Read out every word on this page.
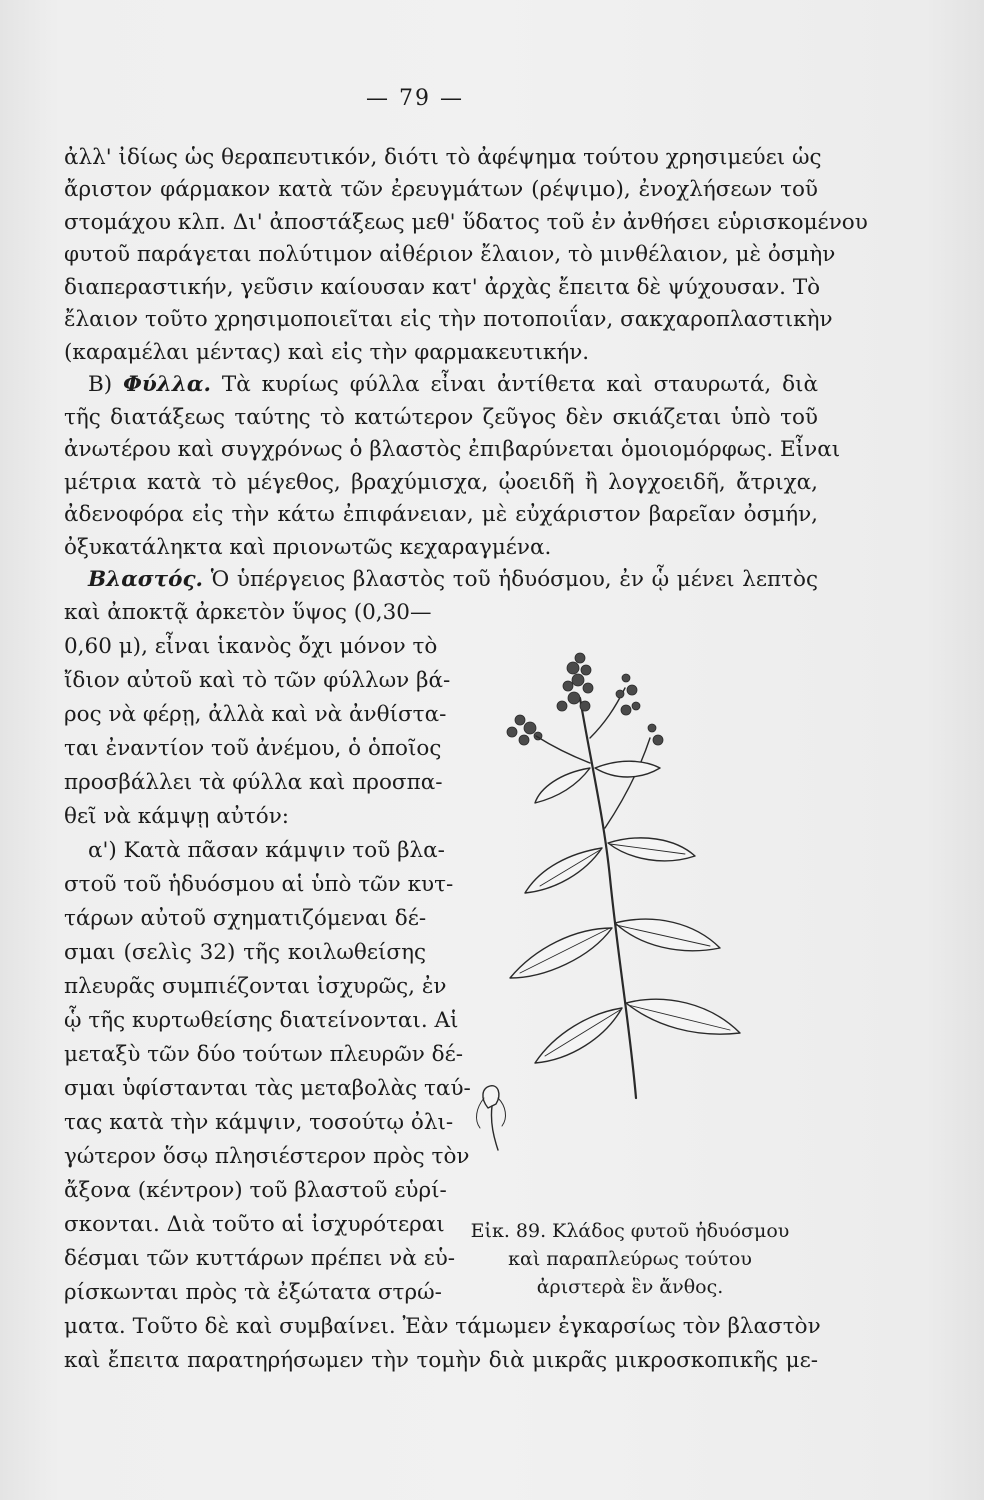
— 79 —
ἀλλ' ἰδίως ὡς θεραπευτικόν, διότι τὸ ἀφέψημα τούτου χρησιμεύει ὡς
ἄριστον φάρμακον κατὰ τῶν ἐρευγμάτων (ρέψιμο), ἐνοχλήσεων τοῦ
στομάχου κλπ. Δι' ἀποστάξεως μεθ' ὕδατος τοῦ ἐν ἀνθήσει εὑρισκομένου
φυτοῦ παράγεται πολύτιμον αἰθέριον ἔλαιον, τὸ μινθέλαιον, μὲ ὀσμὴν
διαπεραστικήν, γεῦσιν καίουσαν κατ' ἀρχὰς ἔπειτα δὲ ψύχουσαν. Τὸ
ἔλαιον τοῦτο χρησιμοποιεῖται εἰς τὴν ποτοποιΐαν, σακχαροπλαστικὴν
(καραμέλαι μέντας) καὶ εἰς τὴν φαρμακευτικήν.
Β) Φύλλα. Τὰ κυρίως φύλλα εἶναι ἀντίθετα καὶ σταυρωτά, διὰ
τῆς διατάξεως ταύτης τὸ κατώτερον ζεῦγος δὲν σκιάζεται ὑπὸ τοῦ
ἀνωτέρου καὶ συγχρόνως ὁ βλαστὸς ἐπιβαρύνεται ὁμοιομόρφως. Εἶναι
μέτρια κατὰ τὸ μέγεθος, βραχύμισχα, ᾠοειδῆ ἢ λογχοειδῆ, ἄτριχα,
ἀδενοφόρα εἰς τὴν κάτω ἐπιφάνειαν, μὲ εὐχάριστον βαρεῖαν ὀσμήν,
ὀξυκατάληκτα καὶ πριονωτῶς κεχαραγμένα.
Βλαστός. Ὁ ὑπέργειος βλαστὸς τοῦ ἡδυόσμου, ἐν ᾧ μένει λεπτὸς
καὶ ἀποκτᾷ ἀρκετὸν ὕψος (0,30—
0,60 μ), εἶναι ἱκανὸς ὄχι μόνον τὸ
ἴδιον αὐτοῦ καὶ τὸ τῶν φύλλων βά-
ρος νὰ φέρῃ, ἀλλὰ καὶ νὰ ἀνθίστα-
ται ἐναντίον τοῦ ἀνέμου, ὁ ὁποῖος
προσβάλλει τὰ φύλλα καὶ προσπα-
θεῖ νὰ κάμψῃ αὐτόν:
α') Κατὰ πᾶσαν κάμψιν τοῦ βλα-
στοῦ τοῦ ἡδυόσμου αἱ ὑπὸ τῶν κυτ-
τάρων αὐτοῦ σχηματιζόμεναι δέ-
σμαι (σελὶς 32) τῆς κοιλωθείσης
πλευρᾶς συμπιέζονται ἰσχυρῶς, ἐν
ᾧ τῆς κυρτωθείσης διατείνονται. Αἱ
μεταξὺ τῶν δύο τούτων πλευρῶν δέ-
σμαι ὑφίστανται τὰς μεταβολὰς ταύ-
τας κατὰ τὴν κάμψιν, τοσούτῳ ὀλι-
γώτερον ὅσῳ πλησιέστερον πρὸς τὸν
ἄξονα (κέντρον) τοῦ βλαστοῦ εὑρί-
σκονται. Διὰ τοῦτο αἱ ἰσχυρότεραι
δέσμαι τῶν κυττάρων πρέπει νὰ εὑ-
ρίσκωνται πρὸς τὰ ἐξώτατα στρώ-
ματα. Τοῦτο δὲ καὶ συμβαίνει. Ἐὰν τάμωμεν ἐγκαρσίως τὸν βλαστὸν
καὶ ἔπειτα παρατηρήσωμεν τὴν τομὴν διὰ μικρᾶς μικροσκοπικῆς με-
Εἰκ. 89. Κλάδος φυτοῦ ἡδυόσμου
καὶ παραπλεύρως τούτου
ἀριστερὰ ἓν ἄνθος.
